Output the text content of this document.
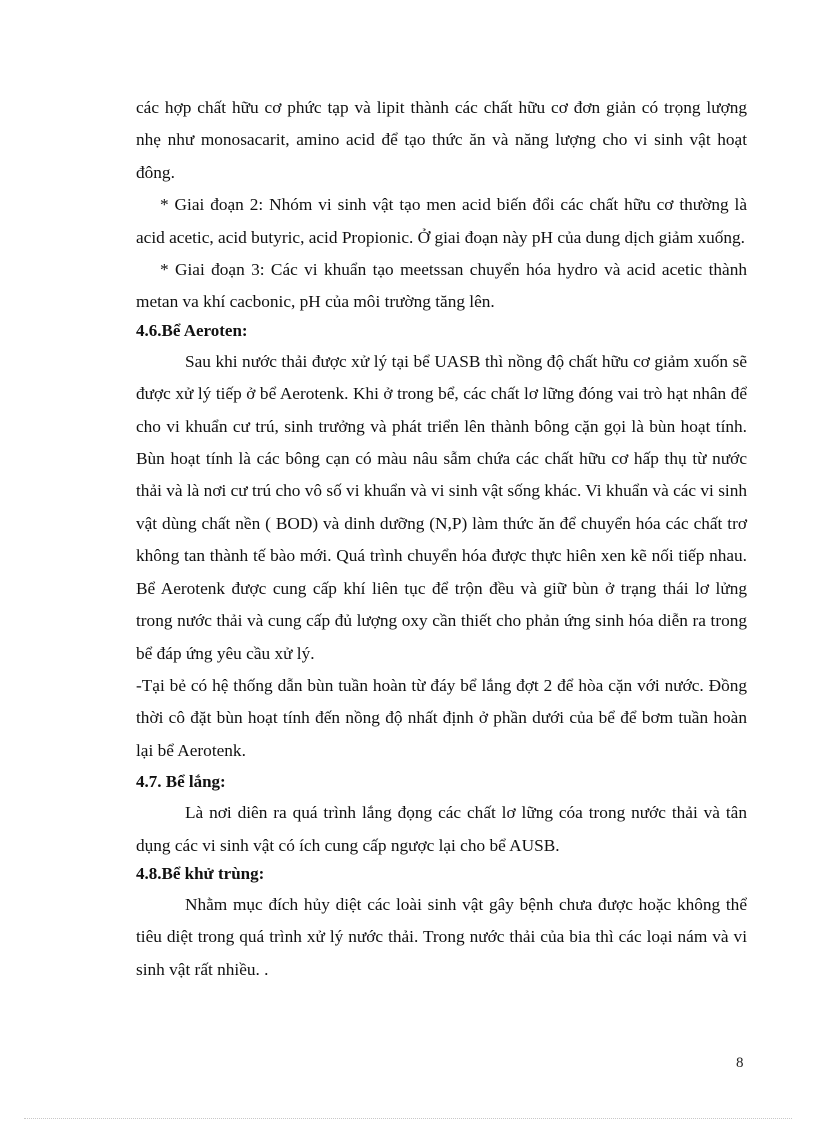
các hợp chất hữu cơ phức tạp và lipit thành các chất hữu cơ đơn giản có trọng lượng nhẹ như monosacarit, amino acid để tạo thức ăn và năng lượng cho vi sinh vật hoạt đông.

* Giai đoạn 2: Nhóm vi sinh vật tạo men acid biến đổi các chất hữu cơ thường là acid acetic, acid butyric, acid Propionic. Ở giai đoạn này pH của dung dịch giảm xuống.

* Giai đoạn 3: Các vi khuẩn tạo meetssan chuyển hóa hydro và acid acetic thành metan va khí cacbonic, pH của môi trường tăng lên.

4.6.Bể Aeroten:

Sau khi nước thải được xử lý tại bể UASB thì nồng độ chất hữu cơ giảm xuốn sẽ được xử lý tiếp ở bể Aerotenk. Khi ở trong bể, các chất lơ lững đóng vai trò hạt nhân để cho vi khuẩn cư trú, sinh trưởng và phát triển lên thành bông cặn gọi là bùn hoạt tính. Bùn hoạt tính là các bông cạn có màu nâu sẫm chứa các chất hữu cơ hấp thụ từ nước thải và là nơi cư trú cho vô số vi khuẩn và vi sinh vật sống khác. Vi khuẩn và các vi sinh vật dùng chất nền ( BOD) và dinh dưỡng (N,P) làm thức ăn để chuyển hóa các chất trơ không tan thành tế bào mới. Quá trình chuyển hóa được thực hiên xen kẽ nối tiếp nhau. Bể Aerotenk được cung cấp khí liên tục để trộn đều và giữ bùn ở trạng thái lơ lửng trong nước thải và cung cấp đủ lượng oxy cần thiết cho phản ứng sinh hóa diễn ra trong bể đáp ứng yêu cầu xử lý.

-Tại bẻ có hệ thống dẫn bùn tuần hoàn từ đáy bể lắng đợt 2 để hòa cặn với nước. Đồng thời cô đặt bùn hoạt tính đến nồng độ nhất định ở phần dưới của bể để bơm tuần hoàn lại bể Aerotenk.

4.7. Bể lắng:

Là nơi diên ra quá trình lắng đọng các chất lơ lững cóa trong nước thải và tân dụng các vi sinh vật có ích cung cấp ngược lại cho bể AUSB.

4.8.Bể khử trùng:

Nhằm mục đích hủy diệt các loài sinh vật gây bệnh chưa được hoặc không thể tiêu diệt trong quá trình xử lý nước thải. Trong nước thải của bia thì các loại nám và vi sinh vật rất nhiều. .

8
